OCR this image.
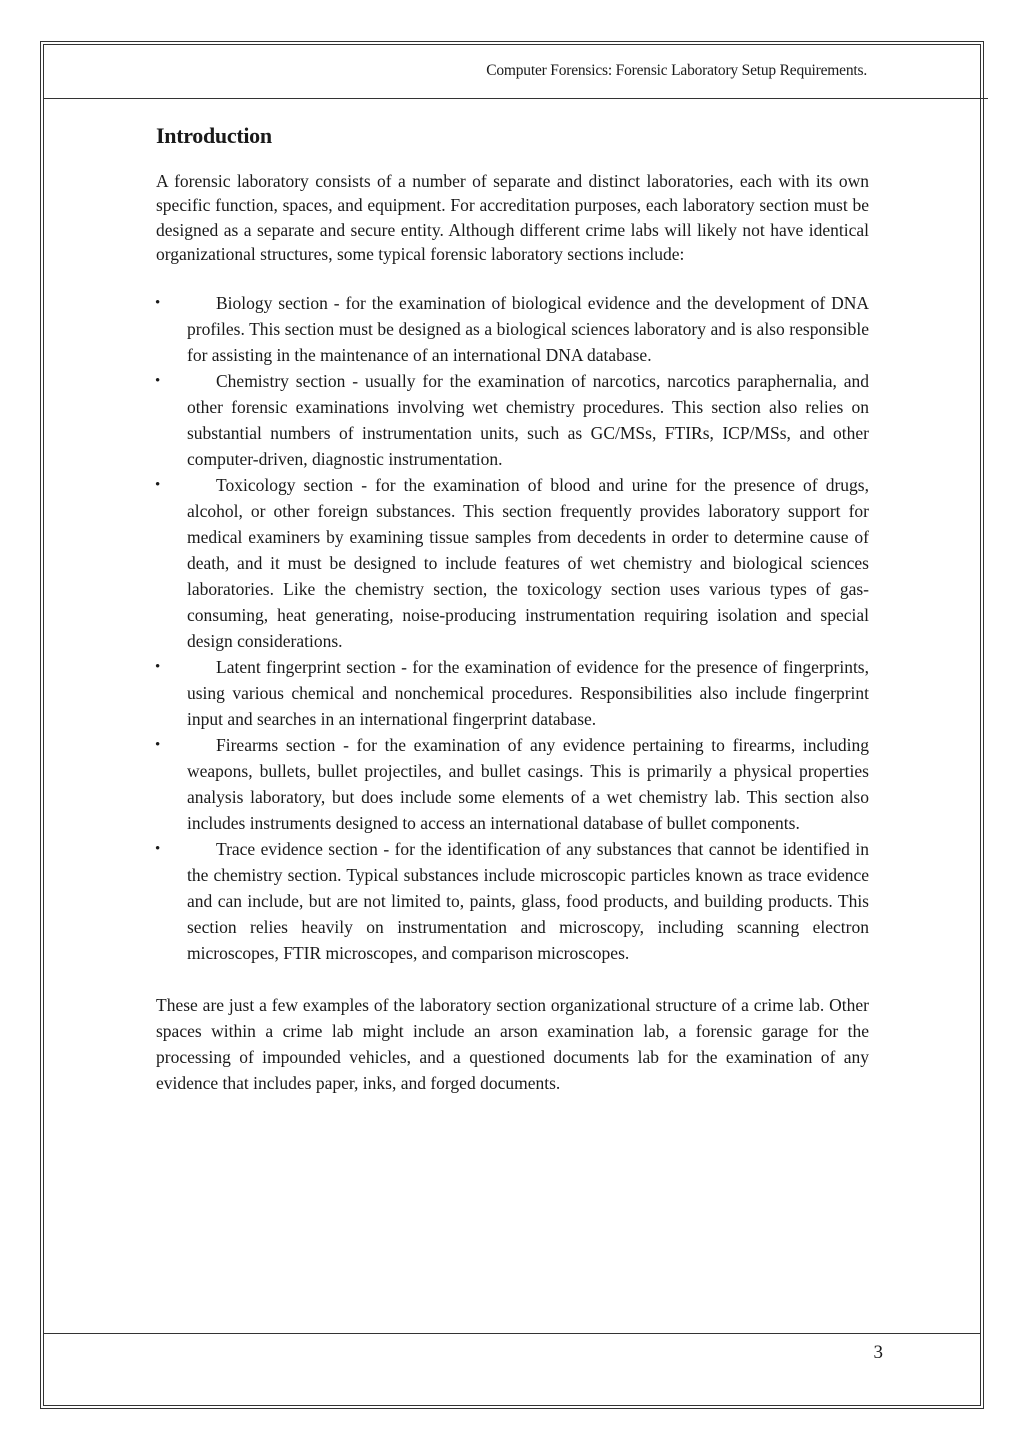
Computer Forensics: Forensic Laboratory Setup Requirements.
Introduction

A forensic laboratory consists of a number of separate and distinct laboratories, each with its own specific function, spaces, and equipment. For accreditation purposes, each laboratory section must be designed as a separate and secure entity. Although different crime labs will likely not have identical organizational structures, some typical forensic laboratory sections include:

•	Biology section - for the examination of biological evidence and the development of DNA profiles. This section must be designed as a biological sciences laboratory and is also responsible for assisting in the maintenance of an international DNA database.
•	Chemistry section - usually for the examination of narcotics, narcotics paraphernalia, and other forensic examinations involving wet chemistry procedures. This section also relies on substantial numbers of instrumentation units, such as GC/MSs, FTIRs, ICP/MSs, and other computer-driven, diagnostic instrumentation.
•	Toxicology section - for the examination of blood and urine for the presence of drugs, alcohol, or other foreign substances. This section frequently provides laboratory support for medical examiners by examining tissue samples from decedents in order to determine cause of death, and it must be designed to include features of wet chemistry and biological sciences laboratories. Like the chemistry section, the toxicology section uses various types of gas-consuming, heat generating, noise-producing instrumentation requiring isolation and special design considerations.
•	Latent fingerprint section - for the examination of evidence for the presence of fingerprints, using various chemical and nonchemical procedures. Responsibilities also include fingerprint input and searches in an international fingerprint database.
•	Firearms section - for the examination of any evidence pertaining to firearms, including weapons, bullets, bullet projectiles, and bullet casings. This is primarily a physical properties analysis laboratory, but does include some elements of a wet chemistry lab. This section also includes instruments designed to access an international database of bullet components.
•	Trace evidence section - for the identification of any substances that cannot be identified in the chemistry section. Typical substances include microscopic particles known as trace evidence and can include, but are not limited to, paints, glass, food products, and building products. This section relies heavily on instrumentation and microscopy, including scanning electron microscopes, FTIR microscopes, and comparison microscopes.

These are just a few examples of the laboratory section organizational structure of a crime lab. Other spaces within a crime lab might include an arson examination lab, a forensic garage for the processing of impounded vehicles, and a questioned documents lab for the examination of any evidence that includes paper, inks, and forged documents.

3
